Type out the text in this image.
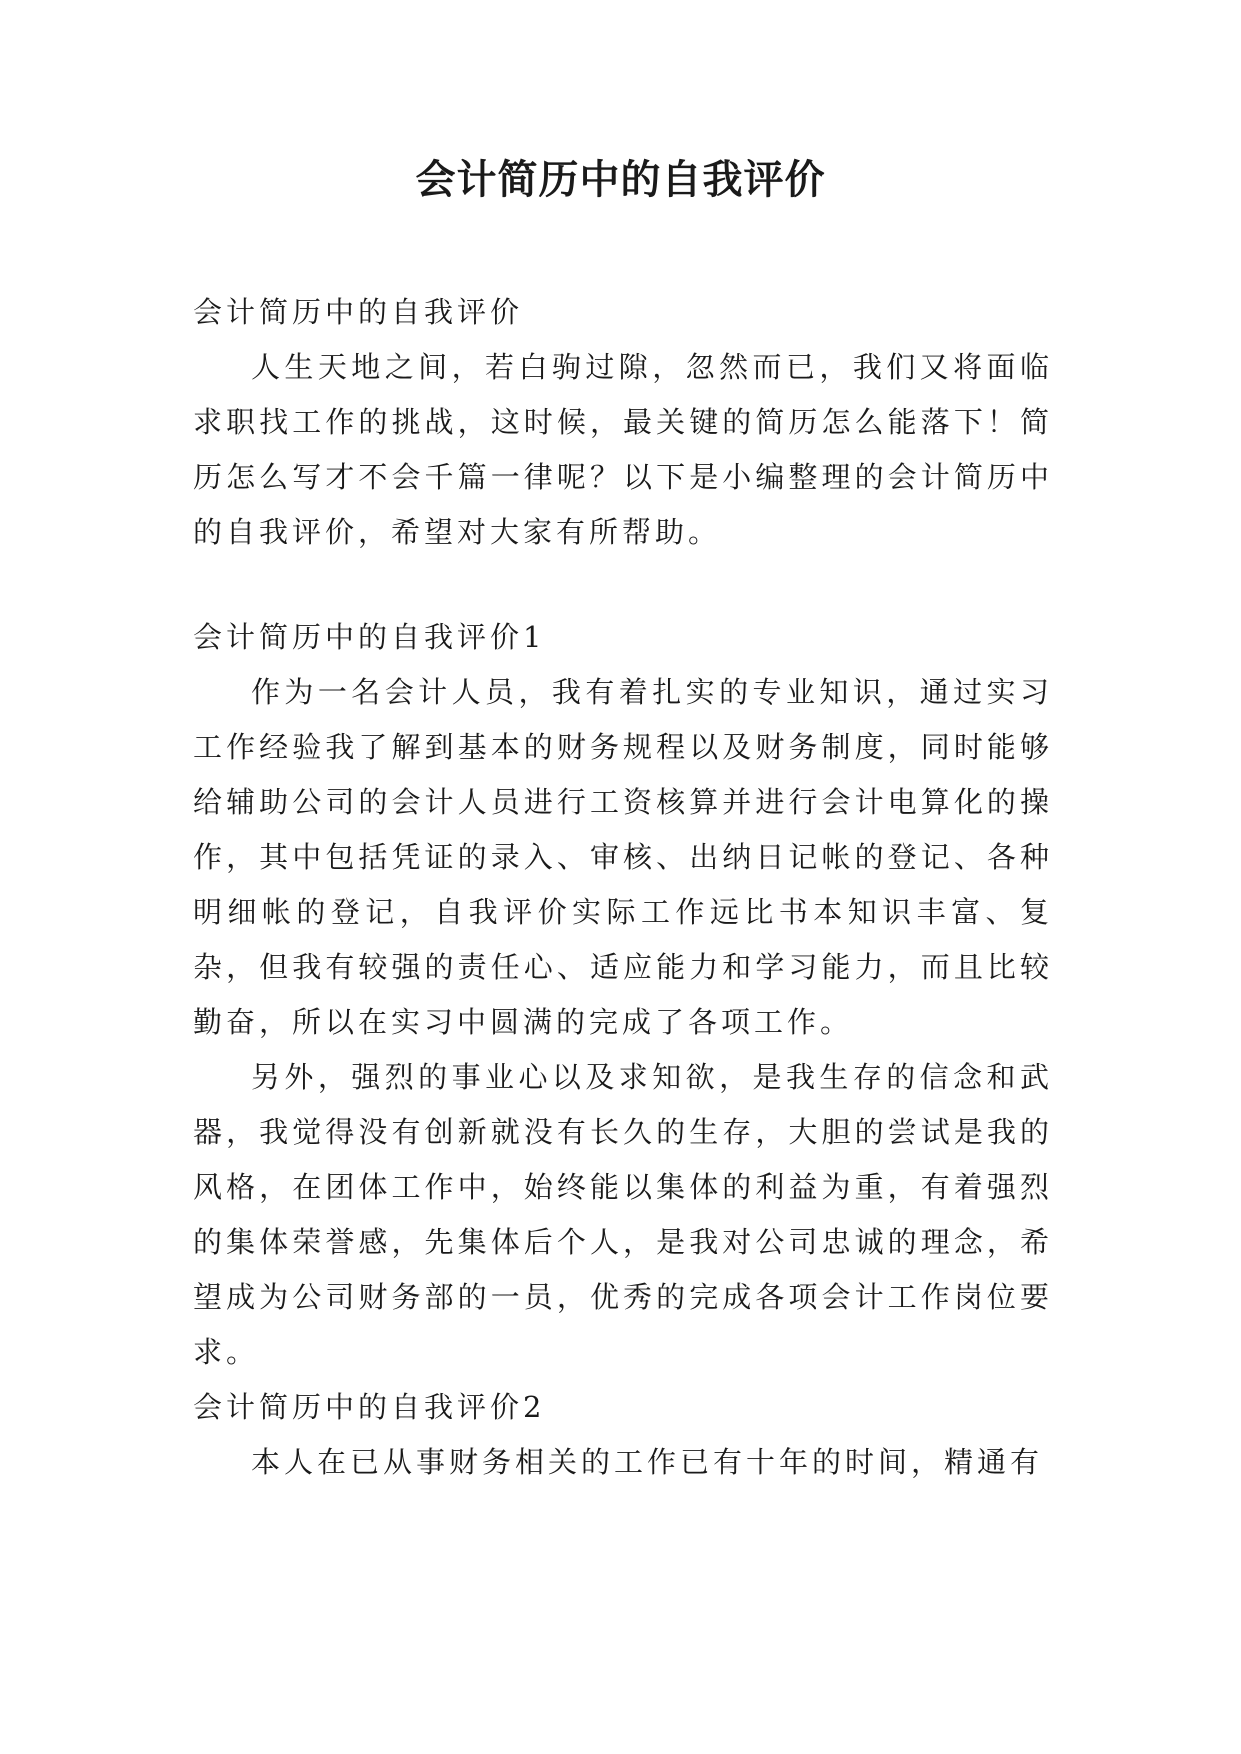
会计简历中的自我评价

会计简历中的自我评价

人生天地之间，若白驹过隙，忽然而已，我们又将面临求职找工作的挑战，这时候，最关键的简历怎么能落下！简历怎么写才不会千篇一律呢？以下是小编整理的会计简历中的自我评价，希望对大家有所帮助。

会计简历中的自我评价1

作为一名会计人员，我有着扎实的专业知识，通过实习工作经验我了解到基本的财务规程以及财务制度，同时能够给辅助公司的会计人员进行工资核算并进行会计电算化的操作，其中包括凭证的录入、审核、出纳日记帐的登记、各种明细帐的登记，自我评价实际工作远比书本知识丰富、复杂，但我有较强的责任心、适应能力和学习能力，而且比较勤奋，所以在实习中圆满的完成了各项工作。

另外，强烈的事业心以及求知欲，是我生存的信念和武器，我觉得没有创新就没有长久的生存，大胆的尝试是我的风格，在团体工作中，始终能以集体的利益为重，有着强烈的集体荣誉感，先集体后个人，是我对公司忠诚的理念，希望成为公司财务部的一员，优秀的完成各项会计工作岗位要求。

会计简历中的自我评价2

本人在已从事财务相关的工作已有十年的时间，精通有
